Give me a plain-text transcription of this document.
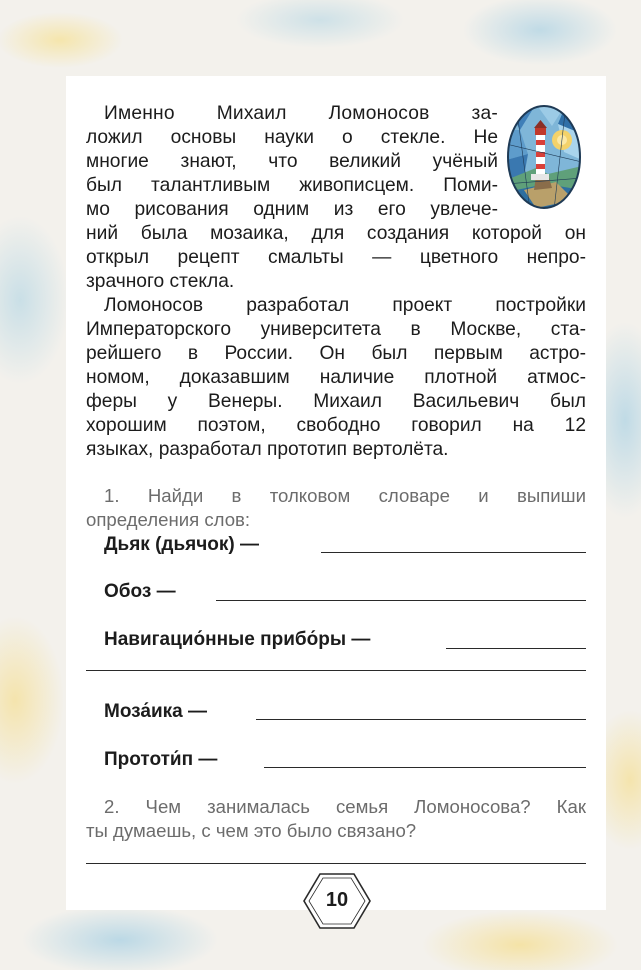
Именно Михаил Ломоносов за-
ложил основы науки о стекле. Не
многие знают, что великий учёный
был талантливым живописцем. Поми-
мо рисования одним из его увлече-
ний была мозаика, для создания которой он
открыл рецепт смальты — цветного непро-
зрачного стекла.
Ломоносов разработал проект постройки
Императорского университета в Москве, ста-
рейшего в России. Он был первым астро-
номом, доказавшим наличие плотной атмос-
феры у Венеры. Михаил Васильевич был
хорошим поэтом, свободно говорил на 12
языках, разработал прототип вертолёта.
1. Найди в толковом словаре и выпиши
определения слов:
Дьяк (дьячок) —
Обоз —
Навигацио́нные прибо́ры —
Моза́ика —
Прототи́п —
2. Чем занималась семья Ломоносова? Как
ты думаешь, с чем это было связано?
10
